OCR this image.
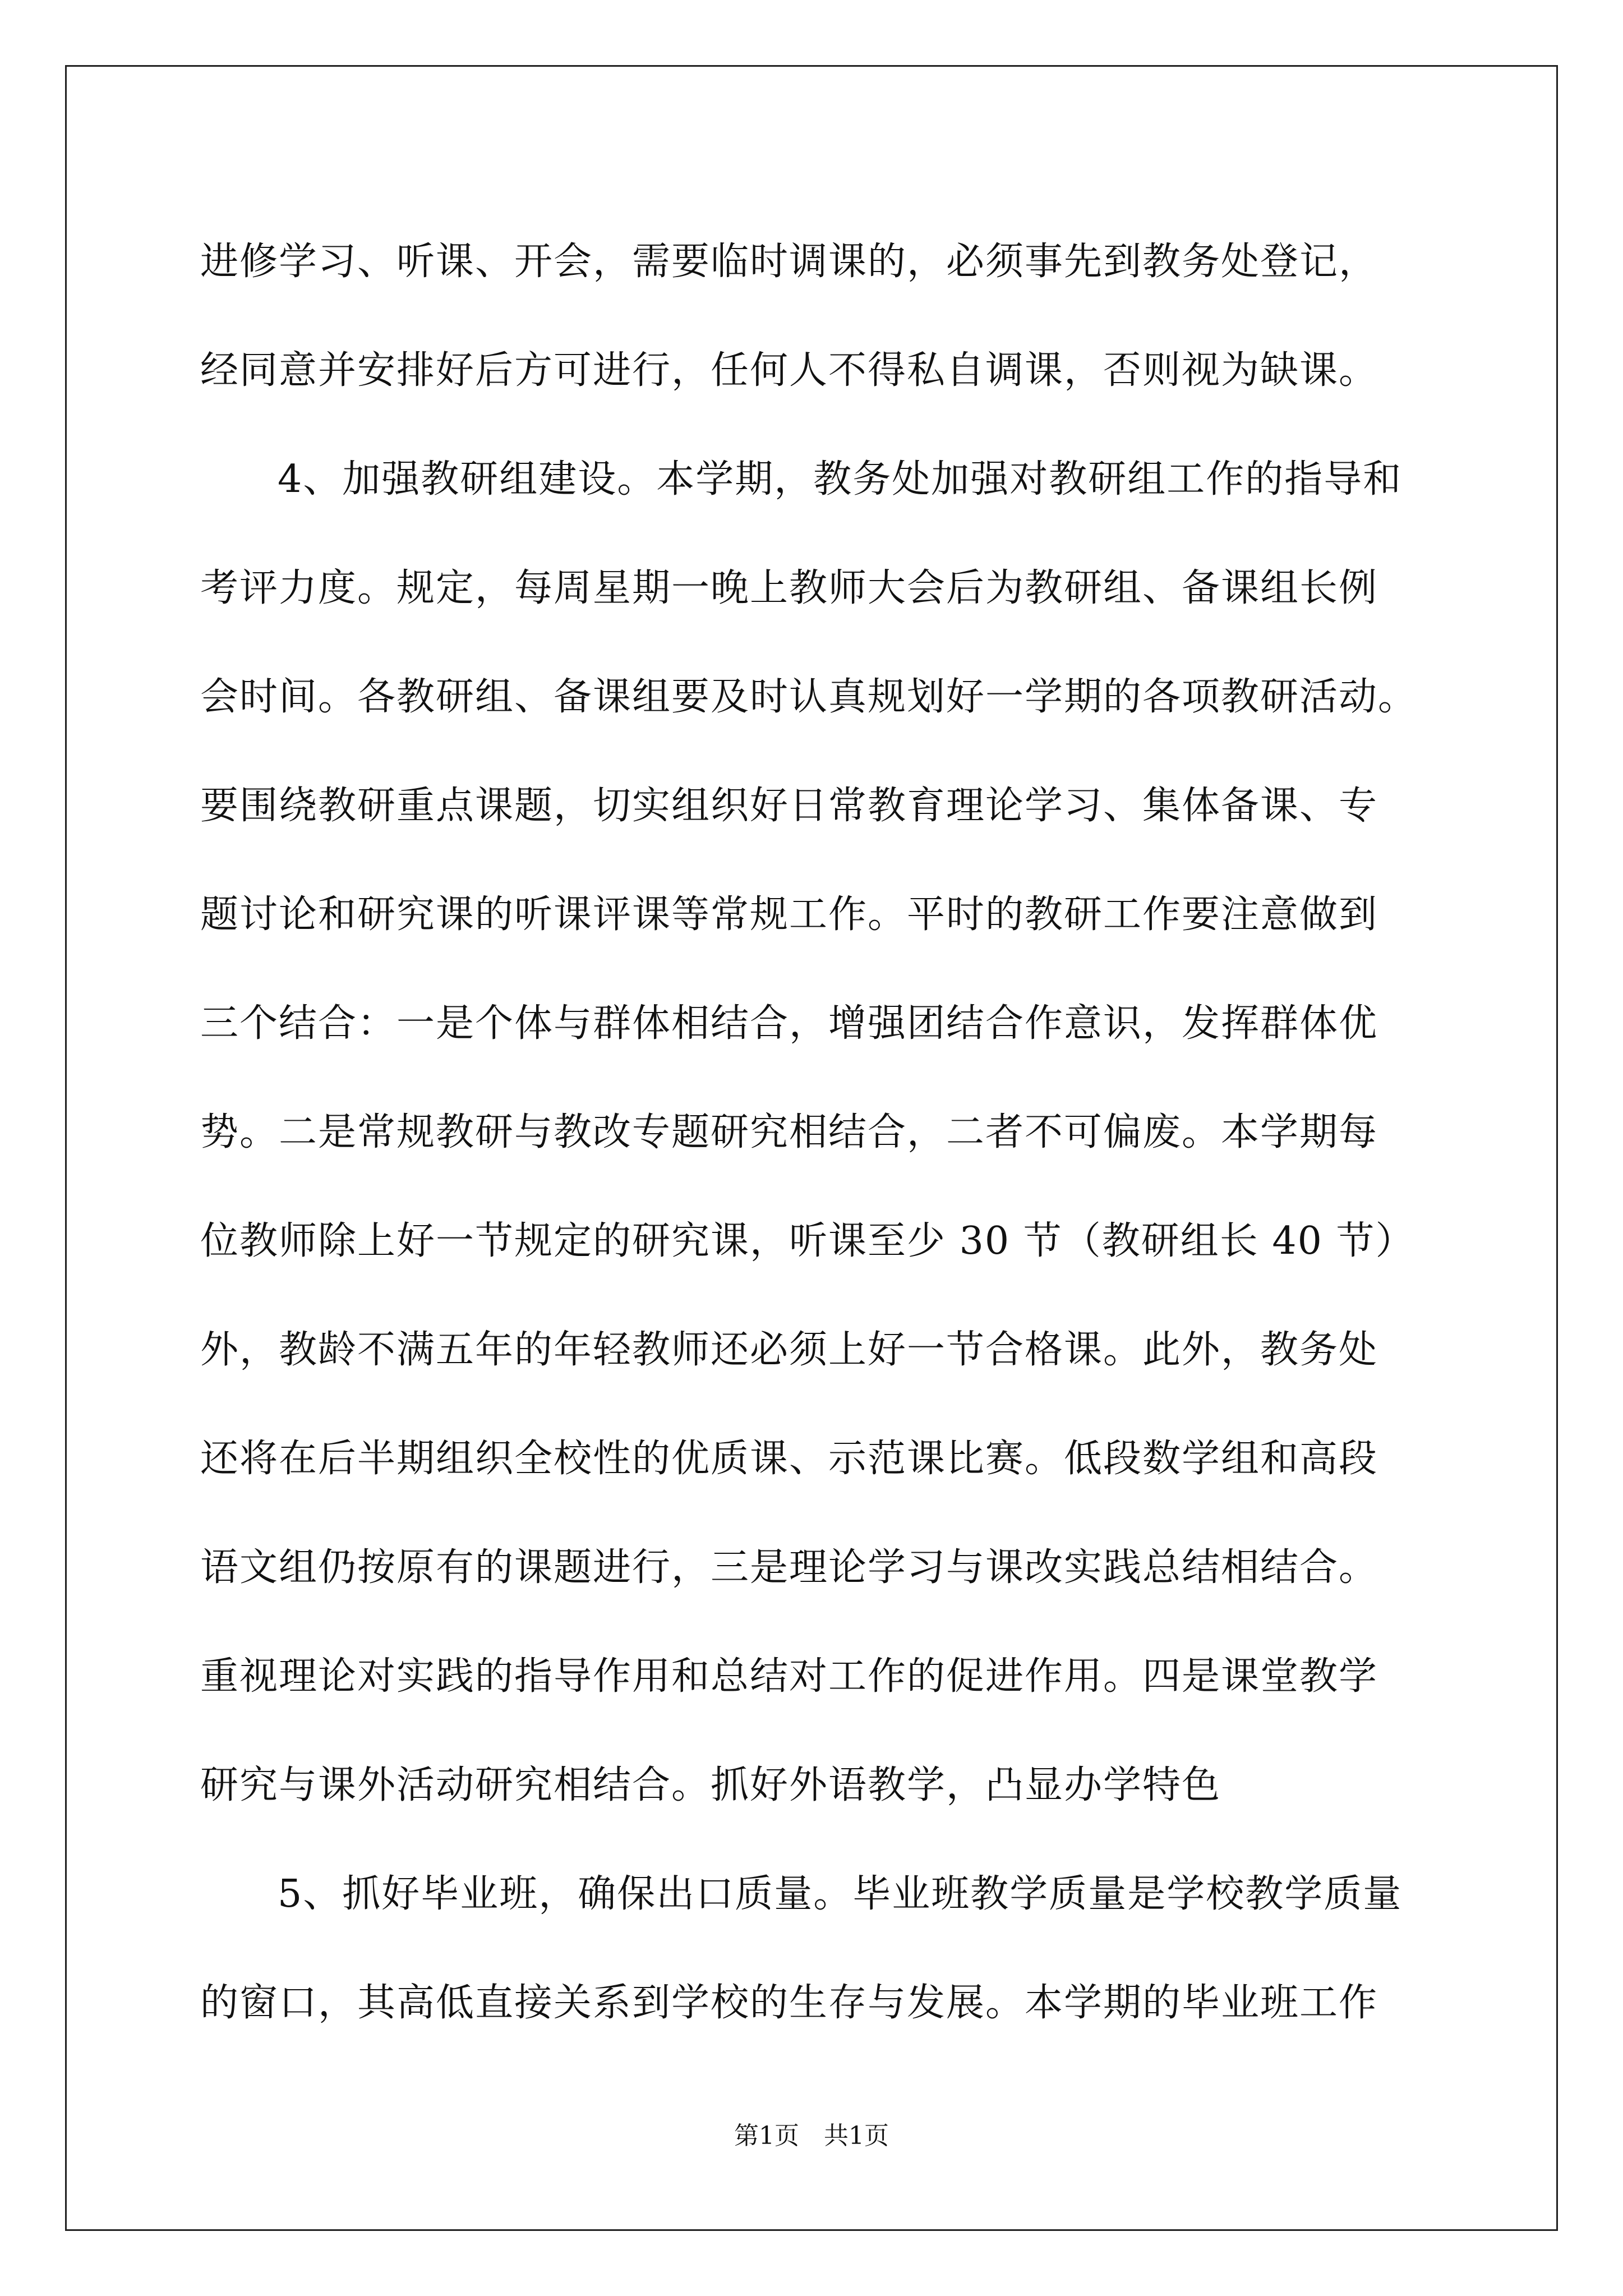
进修学习、听课、开会，需要临时调课的，必须事先到教务处登记，
经同意并安排好后方可进行，任何人不得私自调课，否则视为缺课。
4、加强教研组建设。本学期，教务处加强对教研组工作的指导和
考评力度。规定，每周星期一晚上教师大会后为教研组、备课组长例
会时间。各教研组、备课组要及时认真规划好一学期的各项教研活动。
要围绕教研重点课题，切实组织好日常教育理论学习、集体备课、专
题讨论和研究课的听课评课等常规工作。平时的教研工作要注意做到
三个结合：一是个体与群体相结合，增强团结合作意识，发挥群体优
势。二是常规教研与教改专题研究相结合，二者不可偏废。本学期每
位教师除上好一节规定的研究课，听课至少 30 节（教研组长 40 节）
外，教龄不满五年的年轻教师还必须上好一节合格课。此外，教务处
还将在后半期组织全校性的优质课、示范课比赛。低段数学组和高段
语文组仍按原有的课题进行，三是理论学习与课改实践总结相结合。
重视理论对实践的指导作用和总结对工作的促进作用。四是课堂教学
研究与课外活动研究相结合。抓好外语教学，凸显办学特色
5、抓好毕业班，确保出口质量。毕业班教学质量是学校教学质量
的窗口，其高低直接关系到学校的生存与发展。本学期的毕业班工作
第1页　共1页
